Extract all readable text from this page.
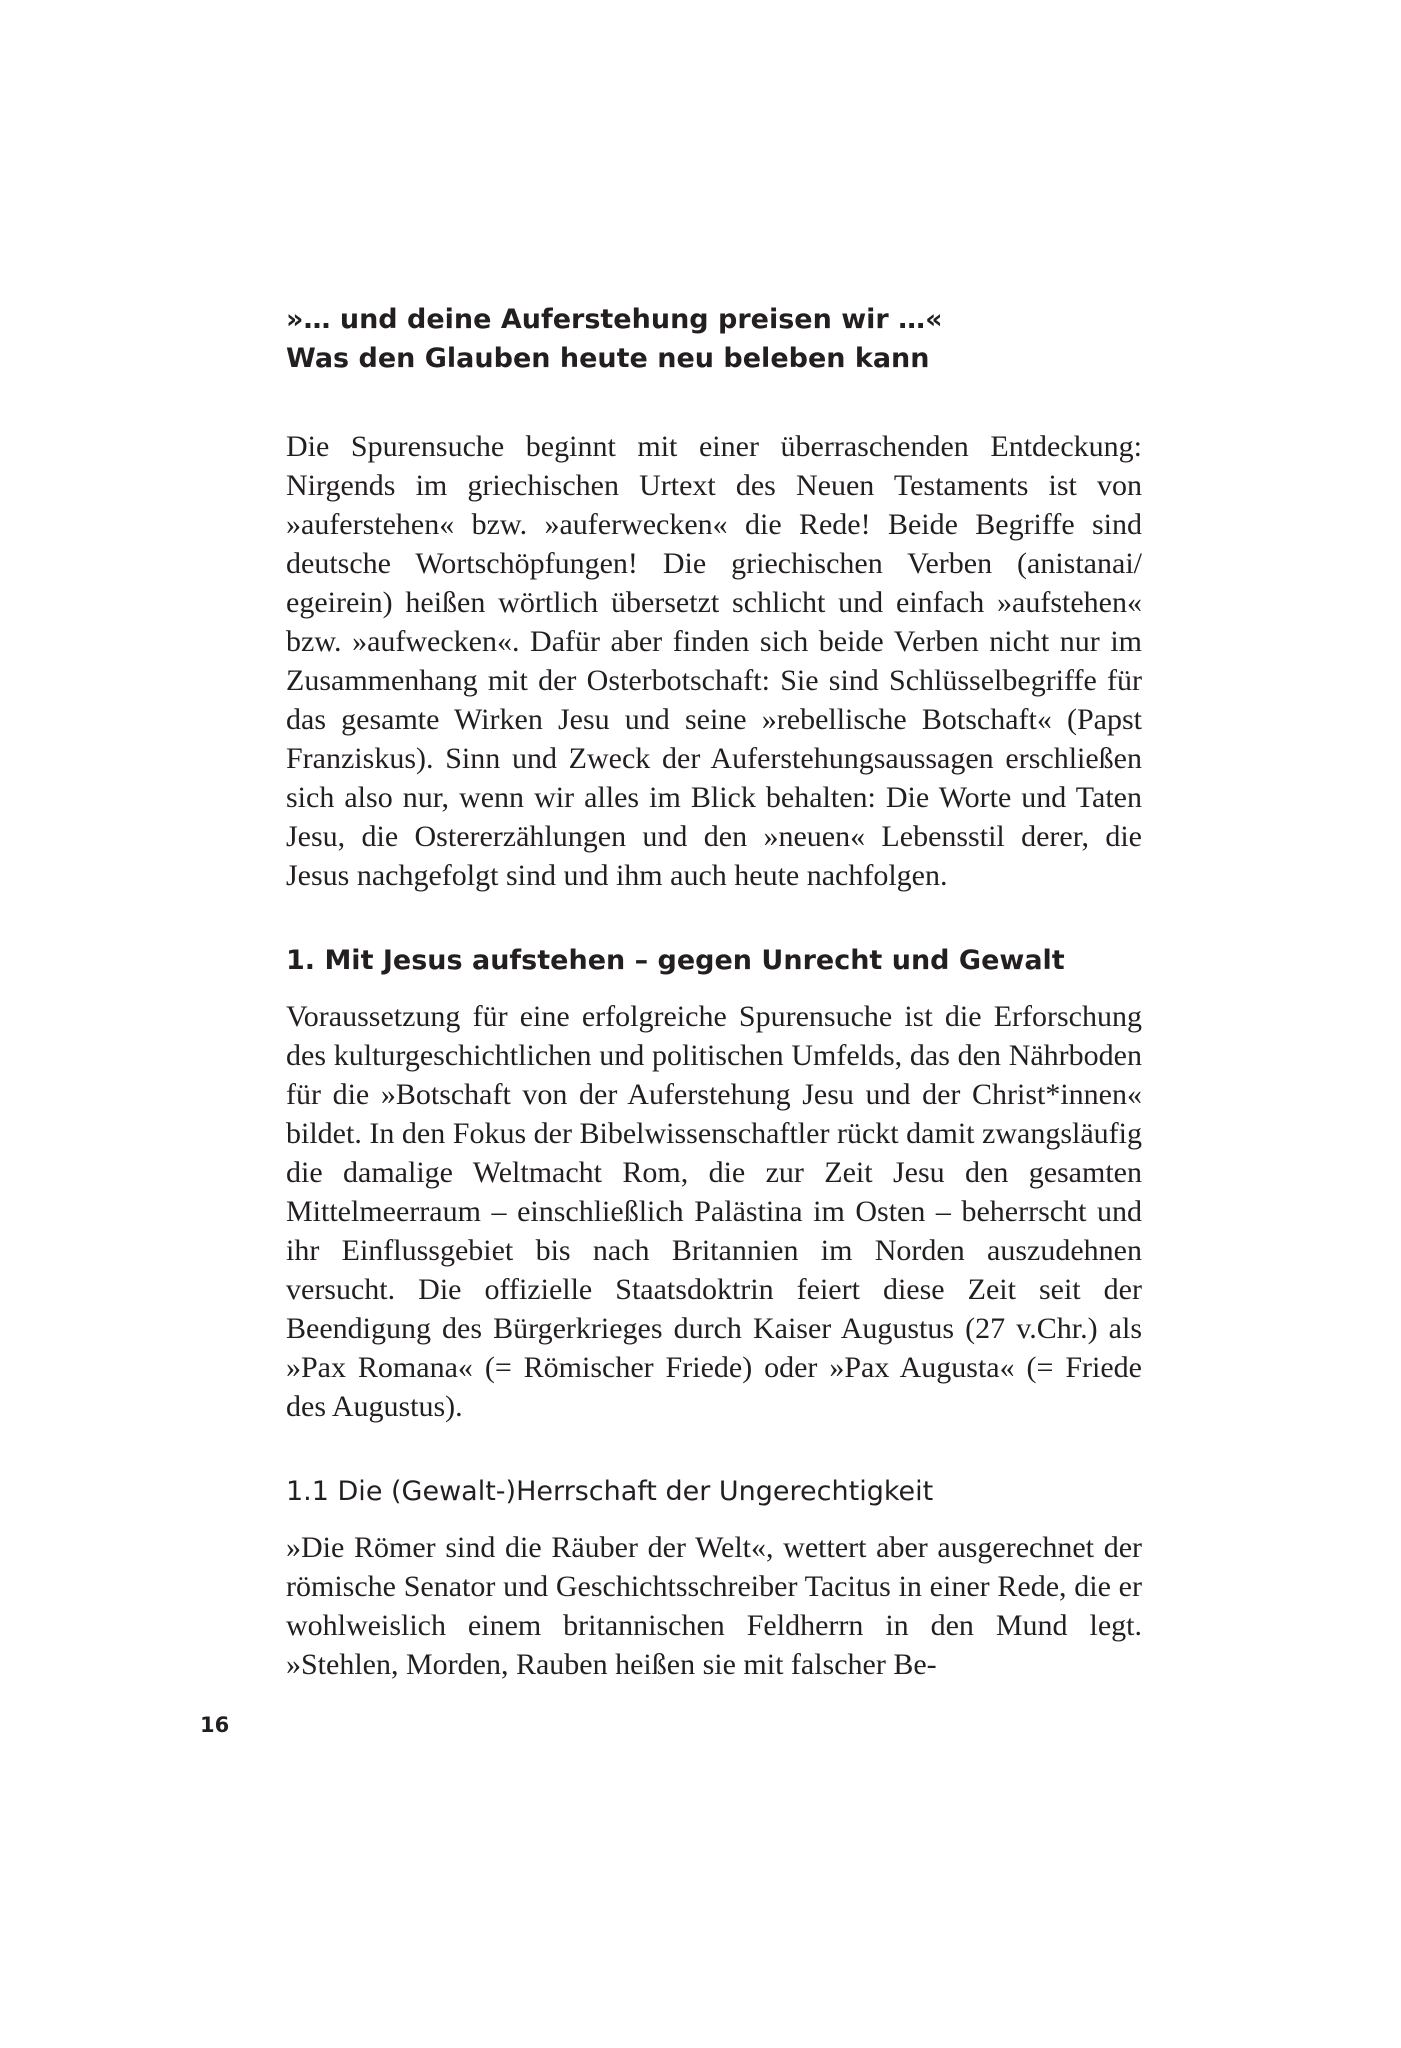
»… und deine Auferstehung preisen wir …«

Was den Glauben heute neu beleben kann

Die Spurensuche beginnt mit einer überraschenden Entdeckung: Nirgends im griechischen Urtext des Neuen Testaments ist von »auferstehen« bzw. »auferwecken« die Rede! Beide Begriffe sind deutsche Wortschöpfungen! Die griechischen Verben (anistanai/ egeirein) heißen wörtlich übersetzt schlicht und einfach »aufstehen« bzw. »aufwecken«. Dafür aber finden sich beide Verben nicht nur im Zusammenhang mit der Osterbotschaft: Sie sind Schlüsselbegriffe für das gesamte Wirken Jesu und seine »rebellische Botschaft« (Papst Franziskus). Sinn und Zweck der Auferstehungsaussagen erschließen sich also nur, wenn wir alles im Blick behalten: Die Worte und Taten Jesu, die Ostererzählungen und den »neuen« Lebensstil derer, die Jesus nachgefolgt sind und ihm auch heute nachfolgen.

1. Mit Jesus aufstehen – gegen Unrecht und Gewalt

Voraussetzung für eine erfolgreiche Spurensuche ist die Erforschung des kulturgeschichtlichen und politischen Umfelds, das den Nährboden für die »Botschaft von der Auferstehung Jesu und der Christ*innen« bildet. In den Fokus der Bibelwissenschaftler rückt damit zwangsläufig die damalige Weltmacht Rom, die zur Zeit Jesu den gesamten Mittelmeerraum – einschließlich Palästina im Osten – beherrscht und ihr Einflussgebiet bis nach Britannien im Norden auszudehnen versucht. Die offizielle Staatsdoktrin feiert diese Zeit seit der Beendigung des Bürgerkrieges durch Kaiser Augustus (27 v.Chr.) als »Pax Romana« (= Römischer Friede) oder »Pax Augusta« (= Friede des Augustus).

1.1 Die (Gewalt-)Herrschaft der Ungerechtigkeit

»Die Römer sind die Räuber der Welt«, wettert aber ausgerechnet der römische Senator und Geschichtsschreiber Tacitus in einer Rede, die er wohlweislich einem britannischen Feldherrn in den Mund legt. »Stehlen, Morden, Rauben heißen sie mit falscher Be-

16
